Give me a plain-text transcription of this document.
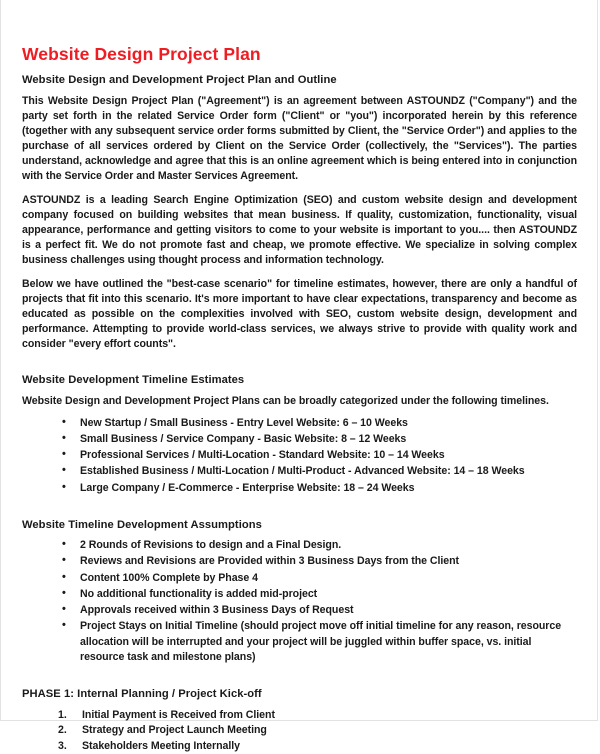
Website Design Project Plan
Website Design and Development Project Plan and Outline

This Website Design Project Plan ("Agreement") is an agreement between ASTOUNDZ ("Company") and the party set forth in the related Service Order form ("Client" or "you") incorporated herein by this reference (together with any subsequent service order forms submitted by Client, the "Service Order") and applies to the purchase of all services ordered by Client on the Service Order (collectively, the "Services"). The parties understand, acknowledge and agree that this is an online agreement which is being entered into in conjunction with the Service Order and Master Services Agreement.

ASTOUNDZ is a leading Search Engine Optimization (SEO) and custom website design and development company focused on building websites that mean business. If quality, customization, functionality, visual appearance, performance and getting visitors to come to your website is important to you.... then ASTOUNDZ is a perfect fit. We do not promote fast and cheap, we promote effective. We specialize in solving complex business challenges using thought process and information technology.

Below we have outlined the "best-case scenario" for timeline estimates, however, there are only a handful of projects that fit into this scenario. It's more important to have clear expectations, transparency and become as educated as possible on the complexities involved with SEO, custom website design, development and performance. Attempting to provide world-class services, we always strive to provide with quality work and consider "every effort counts".

Website Development Timeline Estimates

Website Design and Development Project Plans can be broadly categorized under the following timelines.

• New Startup / Small Business - Entry Level Website: 6 – 10 Weeks
• Small Business / Service Company - Basic Website: 8 – 12 Weeks
• Professional Services / Multi-Location - Standard Website: 10 – 14 Weeks
• Established Business / Multi-Location / Multi-Product - Advanced Website: 14 – 18 Weeks
• Large Company / E-Commerce - Enterprise Website: 18 – 24 Weeks
Website Timeline Development Assumptions
• 2 Rounds of Revisions to design and a Final Design.
• Reviews and Revisions are Provided within 3 Business Days from the Client
• Content 100% Complete by Phase 4
• No additional functionality is added mid-project
• Approvals received within 3 Business Days of Request
• Project Stays on Initial Timeline (should project move off initial timeline for any reason, resource allocation will be interrupted and your project will be juggled within buffer space, vs. initial resource task and milestone plans)
PHASE 1: Internal Planning / Project Kick-off
Initial Payment is Received from Client
Strategy and Project Launch Meeting
Stakeholders Meeting Internally
